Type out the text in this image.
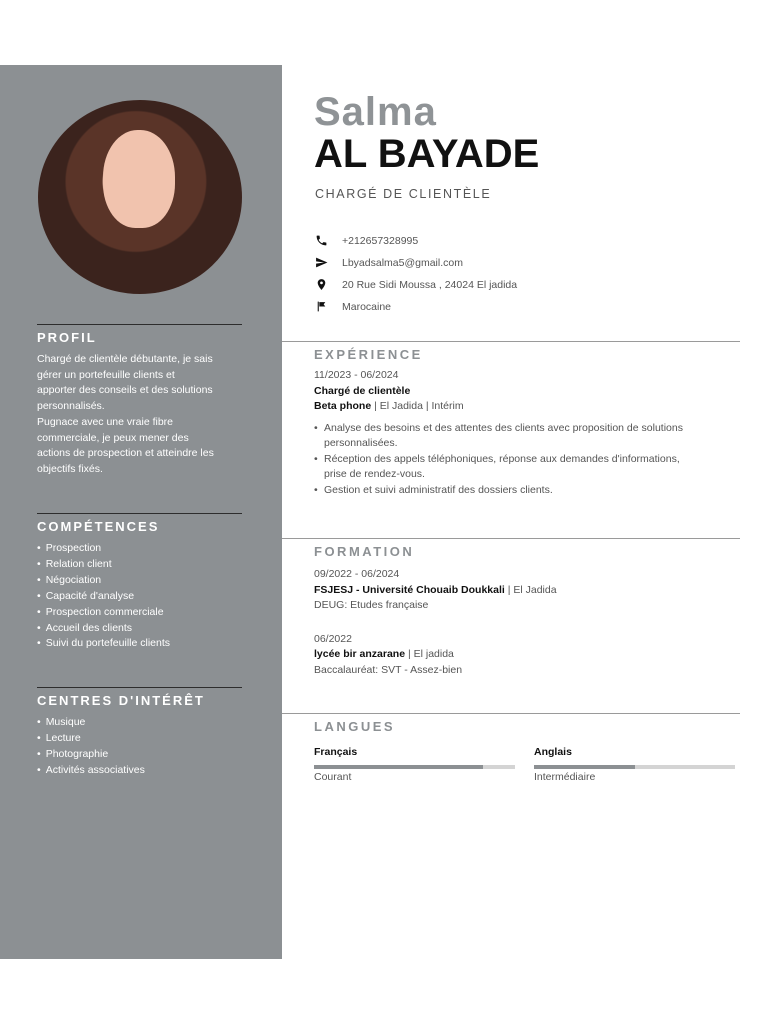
PROFIL
Chargé de clientèle débutante, je sais
gérer un portefeuille clients et
apporter des conseils et des solutions
personnalisés.
Pugnace avec une vraie fibre
commerciale, je peux mener des
actions de prospection et atteindre les
objectifs fixés.
COMPÉTENCES
• Prospection
• Relation client
• Négociation
• Capacité d'analyse
• Prospection commerciale
• Accueil des clients
• Suivi du portefeuille clients
CENTRES D'INTÉRÊT
• Musique
• Lecture
• Photographie
• Activités associatives
Salma
AL BAYADE
CHARGÉ DE CLIENTÈLE
+212657328995
Lbyadsalma5@gmail.com
20 Rue Sidi Moussa , 24024 El jadida
Marocaine
EXPÉRIENCE
11/2023 - 06/2024
Chargé de clientèle
Beta phone | El Jadida | Intérim
• Analyse des besoins et des attentes des clients avec proposition de solutions
personnalisées.
• Réception des appels téléphoniques, réponse aux demandes d'informations,
prise de rendez-vous.
• Gestion et suivi administratif des dossiers clients.
FORMATION
09/2022 - 06/2024
FSJESJ - Université Chouaib Doukkali | El Jadida
DEUG: Etudes française
06/2022
lycée bir anzarane | El jadida
Baccalauréat: SVT - Assez-bien
LANGUES
Français
Courant
Anglais
Intermédiaire
